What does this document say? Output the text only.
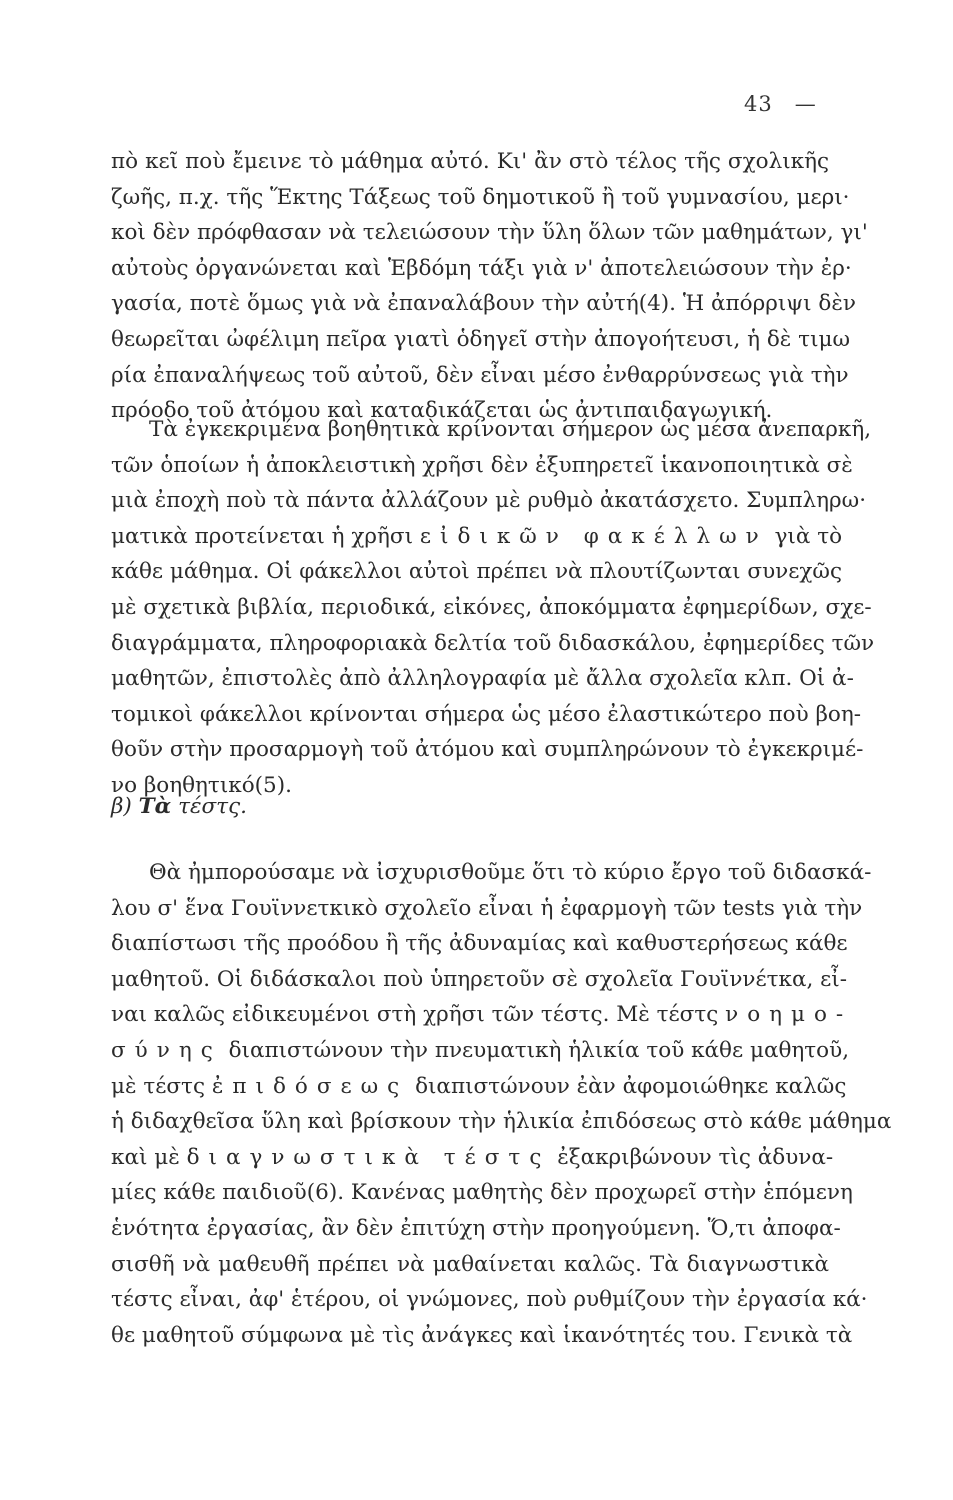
43 —
πὸ κεῖ ποὺ ἔμεινε τὸ μάθημα αὐτό. Κι' ἂν στὸ τέλος τῆς σχολικῆς
ζωῆς, π.χ. τῆς Ἕκτης Τάξεως τοῦ δημοτικοῦ ἢ τοῦ γυμνασίου, μερι·
κοὶ δὲν πρόφθασαν νὰ τελειώσουν τὴν ὕλη ὅλων τῶν μαθημάτων, γι'
αὐτοὺς ὀργανώνεται καὶ Ἑβδόμη τάξι γιὰ ν' ἀποτελειώσουν τὴν ἐρ·
γασία, ποτὲ ὅμως γιὰ νὰ ἐπαναλάβουν τὴν αὐτή(4). Ἡ ἀπόρριψι δὲν
θεωρεῖται ὠφέλιμη πεῖρα γιατὶ ὁδηγεῖ στὴν ἀπογοήτευσι, ἡ δὲ τιμω
ρία ἐπαναλήψεως τοῦ αὐτοῦ, δὲν εἶναι μέσο ἐνθαρρύνσεως γιὰ τὴν
πρόοδο τοῦ ἀτόμου καὶ καταδικάζεται ὡς ἀντιπαιδαγωγική.
Τὰ ἐγκεκριμένα βοηθητικὰ κρίνονται σήμερον ὡς μέσα ἀνεπαρκῆ,
τῶν ὁποίων ἡ ἀποκλειστικὴ χρῆσι δὲν ἐξυπηρετεῖ ἱκανοποιητικὰ σὲ
μιὰ ἐποχὴ ποὺ τὰ πάντα ἀλλάζουν μὲ ρυθμὸ ἀκατάσχετο. Συμπληρω·
ματικὰ προτείνεται ἡ χρῆσι εἰδικῶν φακέλλων γιὰ τὸ
κάθε μάθημα. Οἱ φάκελλοι αὐτοὶ πρέπει νὰ πλουτίζωνται συνεχῶς
μὲ σχετικὰ βιβλία, περιοδικά, εἰκόνες, ἀποκόμματα ἐφημερίδων, σχε-
διαγράμματα, πληροφοριακὰ δελτία τοῦ διδασκάλου, ἐφημερίδες τῶν
μαθητῶν, ἐπιστολὲς ἀπὸ ἀλληλογραφία μὲ ἄλλα σχολεῖα κλπ. Οἱ ἀ-
τομικοὶ φάκελλοι κρίνονται σήμερα ὡς μέσο ἐλαστικώτερο ποὺ βοη-
θοῦν στὴν προσαρμογὴ τοῦ ἀτόμου καὶ συμπληρώνουν τὸ ἐγκεκριμέ-
νο βοηθητικό(5).
β) Τὰ τέστς.
Θὰ ἠμπορούσαμε νὰ ἰσχυρισθοῦμε ὅτι τὸ κύριο ἔργο τοῦ διδασκά-
λου σ' ἕνα Γουϊννετκικὸ σχολεῖο εἶναι ἡ ἐφαρμογὴ τῶν tests γιὰ τὴν
διαπίστωσι τῆς προόδου ἢ τῆς ἀδυναμίας καὶ καθυστερήσεως κάθε
μαθητοῦ. Οἱ διδάσκαλοι ποὺ ὑπηρετοῦν σὲ σχολεῖα Γουϊννέτκα, εἶ-
ναι καλῶς εἰδικευμένοι στὴ χρῆσι τῶν τέστς. Μὲ τέστς νοημο-
σύνης διαπιστώνουν τὴν πνευματικὴ ἡλικία τοῦ κάθε μαθητοῦ,
μὲ τέστς ἐπιδόσεως διαπιστώνουν ἐὰν ἀφομοιώθηκε καλῶς
ἡ διδαχθεῖσα ὕλη καὶ βρίσκουν τὴν ἡλικία ἐπιδόσεως στὸ κάθε μάθημα
καὶ μὲ διαγνωστικὰ τέστς ἐξακριβώνουν τὶς ἀδυνα-
μίες κάθε παιδιοῦ(6). Κανένας μαθητὴς δὲν προχωρεῖ στὴν ἑπόμενη
ἑνότητα ἐργασίας, ἂν δὲν ἐπιτύχη στὴν προηγούμενη. Ὅ,τι ἀποφα-
σισθῆ νὰ μαθευθῆ πρέπει νὰ μαθαίνεται καλῶς. Τὰ διαγνωστικὰ
τέστς εἶναι, ἀφ' ἑτέρου, οἱ γνώμονες, ποὺ ρυθμίζουν τὴν ἐργασία κά·
θε μαθητοῦ σύμφωνα μὲ τὶς ἀνάγκες καὶ ἱκανότητές του. Γενικὰ τὰ
